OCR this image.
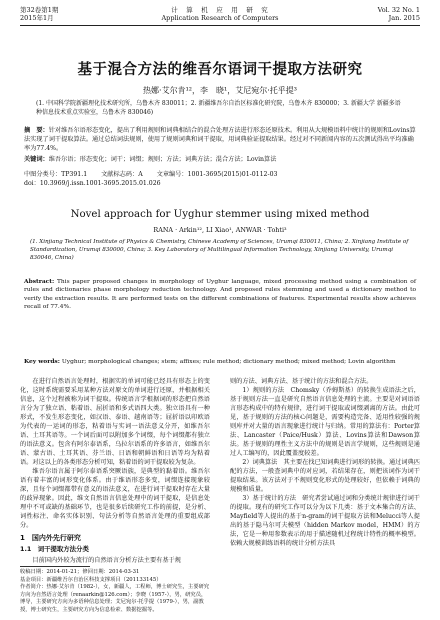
第32卷第1期
2015年1月
计　算　机　应　用　研　究
Application Research of Computers
Vol. 32 No. 1
Jan. 2015
基于混合方法的维吾尔语词干提取方法研究
热娜·艾尔肯¹²，李　晓¹，艾尼宛尔·托乎提³
(1. 中国科学院新疆理化技术研究所，乌鲁木齐 830011；2. 新疆维吾尔自治区标准化研究院，乌鲁木齐 830000；3. 新疆大学 新疆多语种信息技术重点实验室，乌鲁木齐 830046)
摘　要：针对维吾尔语形态变化，提出了利用规则和词典相结合的混合处理方法进行形态还原技术。利用从大规模语料中统计的规则和Lovins算法实现了词干提取算法。通过总结词法规则，使用了规则词典和词干提取，用词典验证提取结果。经过对不同新闻内容的五次测试得出平均准确率为77.4%。
关键词：维吾尔语；形态变化；词干；词缀；规则；方法；词典方法；混合方法；Lovin算法
中图分类号：TP391.1 文献标志码：A 文章编号：1001-3695(2015)01-0112-03
doi：10.3969/j.issn.1001-3695.2015.01.026
Novel approach for Uyghur stemmer using mixed method
RANA · Arkin¹², LI Xiao¹, ANWAR · Tohti³
(1. Xinjiang Technical Institute of Physics & Chemistry, Chinese Academy of Sciences, Urumqi 830011, China; 2. Xinjiang Institute of Standardization, Urumqi 830000, China; 3. Key Laboratory of Multilingual Information Technology, Xinjiang University, Urumqi 830046, China)
Abstract: This paper proposed changes in morphology of Uyghur language, mixed processing method using a combination of rules and dictionaries phase morphology reduction technology. And proposed rules stemming and used a dictionary method to verify the extraction results. It are performed tests on the different combinations of features. Experimental results show achieves recall of 77.4%.
Key words: Uyghur; morphological changes; stem; affixes; rule method; dictionary method; mixed method; Lovin algorithm

在进行自然语言处理时，根据实的单词可能已经具有形态上的变化，这时系统需要采用某种方法对原文的单词进行还原，并根据相关信息，这个过程被称为词干提取。传统语言学根据词的形态把自然语言分为了独立语、粘着语、屈折语和多式语四大类。独立语具有一种形式，不发生形态变化，如汉语、泰语、越南语等；屈折语以印欧语为代表的一运词的形态，粘着语与实词一语法意义分开，如维吾尔语、土耳其语等。一个词后面可以附加多个词缀，每个词缀都有独立的语法意义。包含有阿尔泰语系，乌拉尔语系的许多语言，如维吾尔语、蒙古语、土耳其语、芬兰语、日语和朝鲜语和日语等均为粘着语。对这以上的各类形态分析可知，粘着语的词干提取较为复杂。

维吾尔语言属于阿尔泰语系突厥语族，是典型的黏着语。维吾尔语有着丰富的词形变化体系。由于维语形态多变，词缀连接现象较深，且每个词缀都带有意义的语法意义，在进行词干提取时存在大量的歧异现象。因此，维文自然语言信息处理中的词干提取，是信息处理中不可或缺的基础环节，也是很多后续研究工作的前提，是分析、词性标注、命名实体识别、句法分析等自然语言处理的重要组成部分。

1　国内外先行研究
1.1　词干提取方法分类

目前国内外较为流行的自然语言分析方法主要有基于规

则的方法、词典方法、基于统计的方法和混合方法。

1）规则的方法　Chomsky（乔姆斯基）的转换生成语法之后，基于规则方法一直是研究自然语言信息处理的主流。主要是对词语语言形态构成中的特有规律，进行词干提取或词缀剥离的方法。由此可见，基于规则的方法的核心问题是，需要构造完备、适用性较强的规则库并对大量的语言现象进行统计与归纳。常用的算法有：Porter算法、Lancaster（Paice/Husk）算法、Lovins算法和Dawson算法。基于规则的理性主义方法中的规则是语言学规则，这些规则是通过人工编写的，因此覆盖度较差。

2）词典算法　其主要在找已知词典进行词形的转换。通过词典匹配的方法，一般查词典中的对应词，若结果存在，则把该词作为词干提取结果。该方法对于不规则变化形式的处理较好，但依赖于词典的规模和质量。

3）基于统计的方法　研究者尝试通过词和分类统计规律进行词干的提取。现有的研究工作可以分为以下几类：基于文本集合的方法、Mayfield等人提出的基于n-gram的词干提取方法和Melucci等人提出的基于隐马尔可夫模型（hidden Markov model，HMM）的方法，它是一种用参数表示的用于描述随机过程统计特性的概率模型。依赖大规模训练语料的统计分析方法具

收稿日期：2014-01-21；修回日期：2014-03-31
基金项目：新疆维吾尔自治区科技支撑项目（201133145）
作者简介：热娜·艾尔肯（1982-），女，新疆人，工程师，博士研究生，主要研究方向为自然语言处理（renaarkin@126.com）；李晓（1957-），男，研究员，博导，主要研究方向为多语种信息处理；艾尼宛尔·托乎提（1979-），男，副教授，博士研究生，主要研究方向为信息检索、数据挖掘等。
